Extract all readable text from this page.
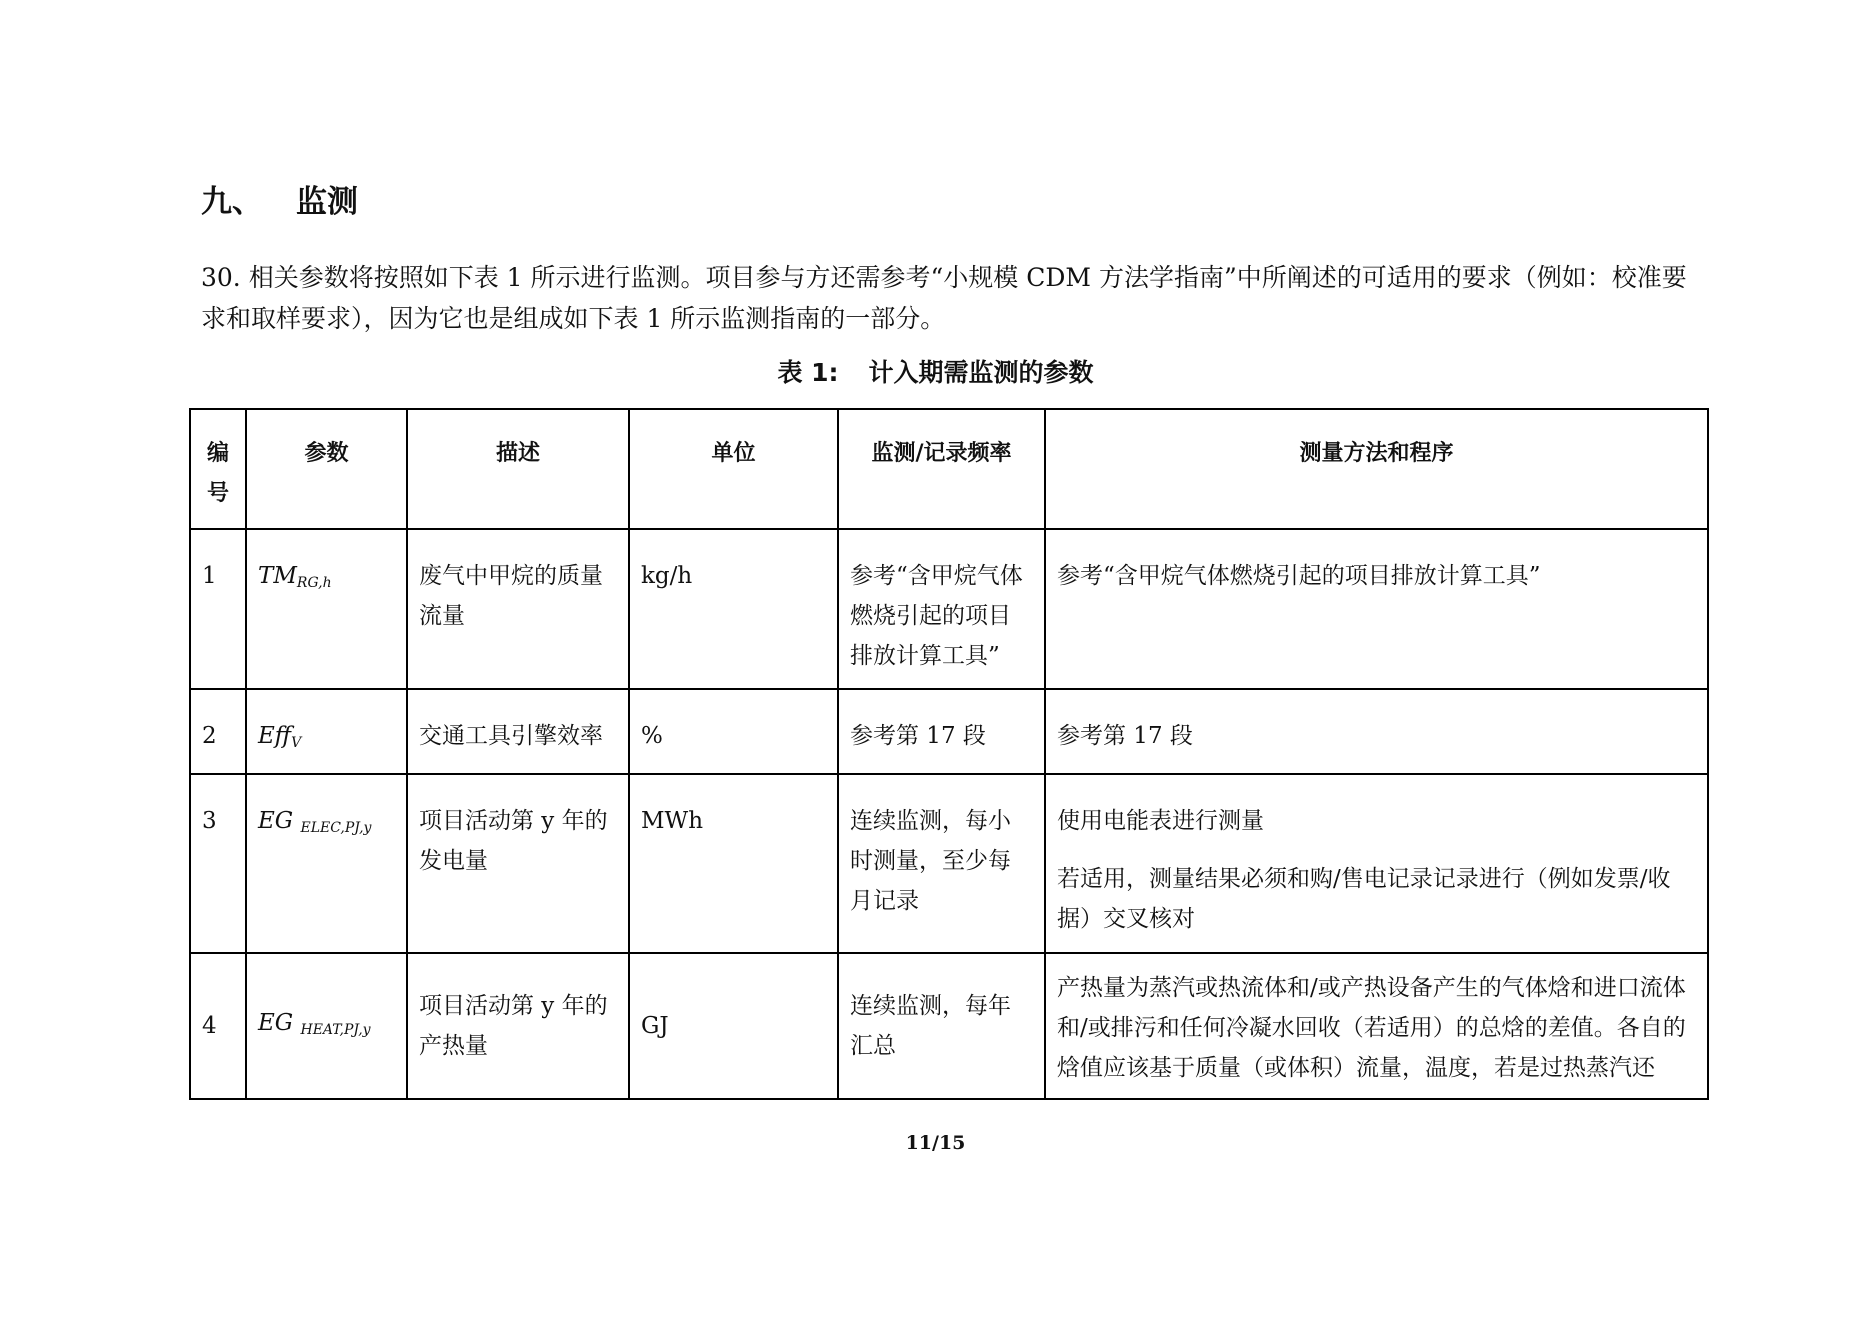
九、 监测
30. 相关参数将按照如下表 1 所示进行监测。项目参与方还需参考“小规模 CDM 方法学指南”中所阐述的可适用的要求（例如：校准要求和取样要求），因为它也是组成如下表 1 所示监测指南的一部分。
表 1: 计入期需监测的参数
编号	参数	描述	单位	监测/记录频率	测量方法和程序
1	$TM_{RG,h}$	废气中甲烷的质量流量	kg/h	参考“含甲烷气体燃烧引起的项目排放计算工具”	参考“含甲烷气体燃烧引起的项目排放计算工具”

2	Eff$_V$	交通工具引擎效率	%	参考第 17 段	参考第 17 段

3	EG $_{ELEC,PJ,y}$	项目活动第 y 年的发电量	MWh	连续监测，每小时测量，至少每月记录	使用电能表进行测量
若适用，测量结果必须和购/售电记录记录进行（例如发票/收据）交叉核对

4	EG $_{HEAT,PJ,y}$	项目活动第 y 年的产热量	GJ	连续监测，每年汇总	产热量为蒸汽或热流体和/或产热设备产生的气体焓和进口流体和/或排污和任何冷凝水回收（若适用）的总焓的差值。各自的焓值应该基于质量（或体积）流量，温度，若是过热蒸汽还
11/15
